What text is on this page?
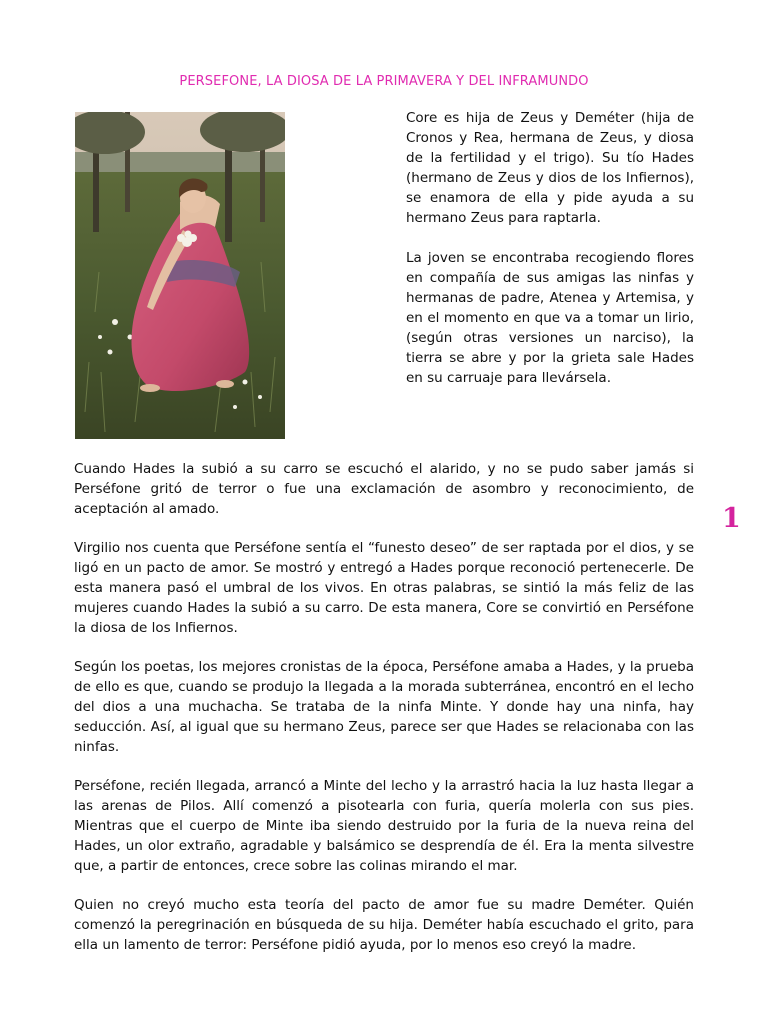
PERSEFONE, LA DIOSA DE LA PRIMAVERA Y DEL INFRAMUNDO

Core es hija de Zeus y Deméter (hija de Cronos y Rea, hermana de Zeus, y diosa de la fertilidad y el trigo). Su tío Hades (hermano de Zeus y dios de los Infiernos), se enamora de ella y pide ayuda a su hermano Zeus para raptarla.

La joven se encontraba recogiendo flores en compañía de sus amigas las ninfas y hermanas de padre, Atenea y Artemisa, y en el momento en que va a tomar un lirio, (según otras versiones un narciso), la tierra se abre y por la grieta sale Hades en su carruaje para llevársela.

1

Cuando Hades la subió a su carro se escuchó el alarido, y no se pudo saber jamás si Perséfone gritó de terror o fue una exclamación de asombro y reconocimiento, de aceptación al amado.

Virgilio nos cuenta que Perséfone sentía el “funesto deseo” de ser raptada por el dios, y se ligó en un pacto de amor. Se mostró y entregó a Hades porque reconoció pertenecerle. De esta manera pasó el umbral de los vivos. En otras palabras, se sintió la más feliz de las mujeres cuando Hades la subió a su carro. De esta manera, Core se convirtió en Perséfone la diosa de los Infiernos.

Según los poetas, los mejores cronistas de la época, Perséfone amaba a Hades, y la prueba de ello es que, cuando se produjo la llegada a la morada subterránea, encontró en el lecho del dios a una muchacha. Se trataba de la ninfa Minte. Y donde hay una ninfa, hay seducción. Así, al igual que su hermano Zeus, parece ser que Hades se relacionaba con las ninfas.

Perséfone, recién llegada, arrancó a Minte del lecho y la arrastró hacia la luz hasta llegar a las arenas de Pilos. Allí comenzó a pisotearla con furia, quería molerla con sus pies. Mientras que el cuerpo de Minte iba siendo destruido por la furia de la nueva reina del Hades, un olor extraño, agradable y balsámico se desprendía de él. Era la menta silvestre que, a partir de entonces, crece sobre las colinas mirando el mar.

Quien no creyó mucho esta teoría del pacto de amor fue su madre Deméter. Quién comenzó la peregrinación en búsqueda de su hija. Deméter había escuchado el grito, para ella un lamento de terror: Perséfone pidió ayuda, por lo menos eso creyó la madre.
